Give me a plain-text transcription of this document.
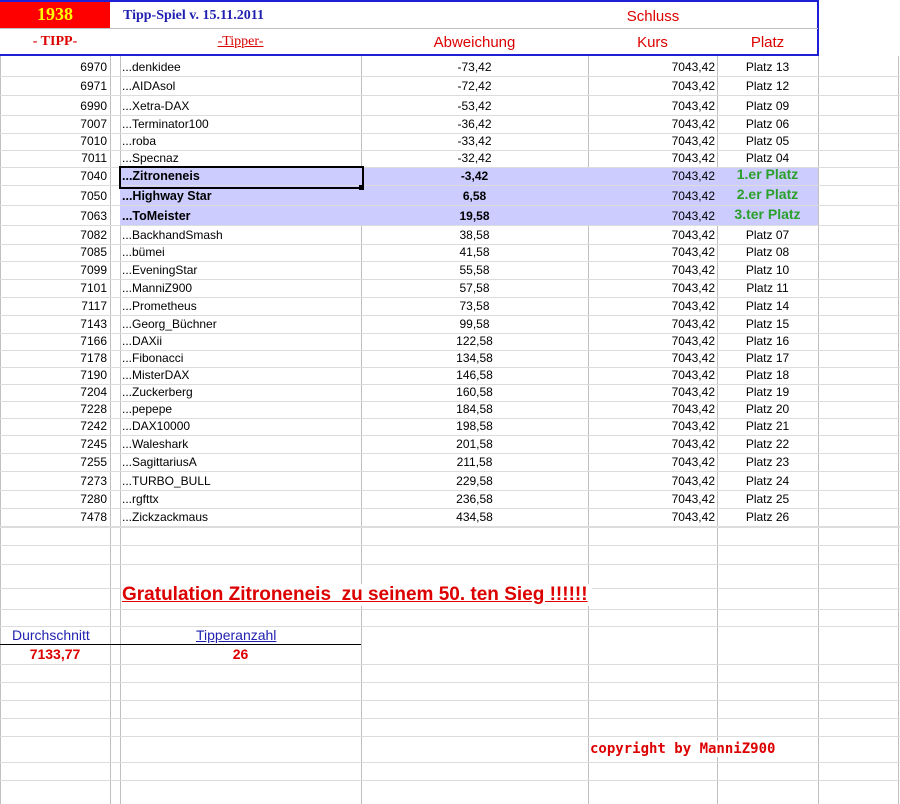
1938	Tipp-Spiel v. 15.11.2011	Schluss
- TIPP-	-Tipper-	Abweichung	Kurs	Platz
6970 ...denkidee	-73,42	7043,42	Platz 13
6971 ...AIDAsol	-72,42	7043,42	Platz 12
6990 ...Xetra-DAX	-53,42	7043,42	Platz 09
7007 ...Terminator100	-36,42	7043,42	Platz 06
7010 ...roba	-33,42	7043,42	Platz 05
7011 ...Specnaz	-32,42	7043,42	Platz 04
7040 ...Zitroneneis	-3,42	7043,42	1.er Platz
7050 ...Highway Star	6,58	7043,42	2.er Platz
7063 ...ToMeister	19,58	7043,42	3.ter Platz
7082 ...BackhandSmash	38,58	7043,42	Platz 07
7085 ...bümei	41,58	7043,42	Platz 08
7099 ...EveningStar	55,58	7043,42	Platz 10
7101 ...ManniZ900	57,58	7043,42	Platz 11
7117 ...Prometheus	73,58	7043,42	Platz 14
7143 ...Georg_Büchner	99,58	7043,42	Platz 15
7166 ...DAXii	122,58	7043,42	Platz 16
7178 ...Fibonacci	134,58	7043,42	Platz 17
7190 ...MisterDAX	146,58	7043,42	Platz 18
7204 ...Zuckerberg	160,58	7043,42	Platz 19
7228 ...pepepe	184,58	7043,42	Platz 20
7242 ...DAX10000	198,58	7043,42	Platz 21
7245 ...Waleshark	201,58	7043,42	Platz 22
7255 ...SagittariusA	211,58	7043,42	Platz 23
7273 ...TURBO_BULL	229,58	7043,42	Platz 24
7280 ...rgfttx	236,58	7043,42	Platz 25
7478 ...Zickzackmaus	434,58	7043,42	Platz 26
Gratulation Zitroneneis  zu seinem 50. ten Sieg !!!!!!
Durchschnitt	Tipperanzahl
7133,77	26
copyright by ManniZ900
